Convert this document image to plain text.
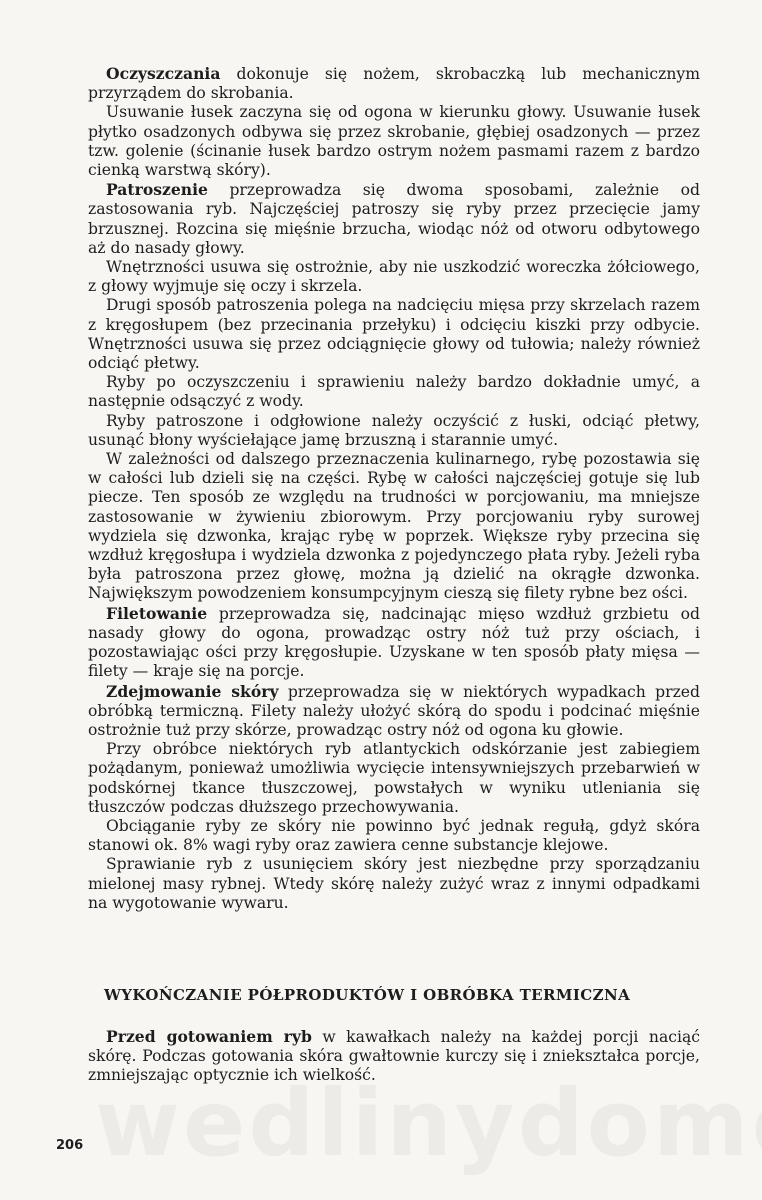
Oczyszczania dokonuje się nożem, skrobaczką lub mechanicznym przyrządem do skrobania.

Usuwanie łusek zaczyna się od ogona w kierunku głowy. Usuwanie łusek płytko osadzonych odbywa się przez skrobanie, głębiej osadzonych — przez tzw. golenie (ścinanie łusek bardzo ostrym nożem pasmami razem z bardzo cienką warstwą skóry).

Patroszenie przeprowadza się dwoma sposobami, zależnie od zastosowania ryb. Najczęściej patroszy się ryby przez przecięcie jamy brzusznej. Rozcina się mięśnie brzucha, wiodąc nóż od otworu odbytowego aż do nasady głowy.

Wnętrzności usuwa się ostrożnie, aby nie uszkodzić woreczka żółciowego, z głowy wyjmuje się oczy i skrzela.

Drugi sposób patroszenia polega na nadcięciu mięsa przy skrzelach razem z kręgosłupem (bez przecinania przełyku) i odcięciu kiszki przy odbycie. Wnętrzności usuwa się przez odciągnięcie głowy od tułowia; należy również odciąć płetwy.

Ryby po oczyszczeniu i sprawieniu należy bardzo dokładnie umyć, a następnie odsączyć z wody.

Ryby patroszone i odgłowione należy oczyścić z łuski, odciąć płetwy, usunąć błony wyściełające jamę brzuszną i starannie umyć.

W zależności od dalszego przeznaczenia kulinarnego, rybę pozostawia się w całości lub dzieli się na części. Rybę w całości najczęściej gotuje się lub piecze. Ten sposób ze względu na trudności w porcjowaniu, ma mniejsze zastosowanie w żywieniu zbiorowym. Przy porcjowaniu ryby surowej wydziela się dzwonka, krając rybę w poprzek. Większe ryby przecina się wzdłuż kręgosłupa i wydziela dzwonka z pojedynczego płata ryby. Jeżeli ryba była patroszona przez głowę, można ją dzielić na okrągłe dzwonka. Największym powodzeniem konsumpcyjnym cieszą się filety rybne bez ości.

Filetowanie przeprowadza się, nadcinając mięso wzdłuż grzbietu od nasady głowy do ogona, prowadząc ostry nóż tuż przy ościach, i pozostawiając ości przy kręgosłupie. Uzyskane w ten sposób płaty mięsa — filety — kraje się na porcje.

Zdejmowanie skóry przeprowadza się w niektórych wypadkach przed obróbką termiczną. Filety należy ułożyć skórą do spodu i podcinać mięśnie ostrożnie tuż przy skórze, prowadząc ostry nóż od ogona ku głowie.

Przy obróbce niektórych ryb atlantyckich odskórzanie jest zabiegiem pożądanym, ponieważ umożliwia wycięcie intensywniejszych przebarwień w podskórnej tkance tłuszczowej, powstałych w wyniku utleniania się tłuszczów podczas dłuższego przechowywania.

Obciąganie ryby ze skóry nie powinno być jednak regułą, gdyż skóra stanowi ok. 8% wagi ryby oraz zawiera cenne substancje klejowe.

Sprawianie ryb z usunięciem skóry jest niezbędne przy sporządzaniu mielonej masy rybnej. Wtedy skórę należy zużyć wraz z innymi odpadkami na wygotowanie wywaru.

WYKOŃCZANIE PÓŁPRODUKTÓW I OBRÓBKA TERMICZNA

Przed gotowaniem ryb w kawałkach należy na każdej porcji naciąć skórę. Podczas gotowania skóra gwałtownie kurczy się i zniekształca porcje, zmniejszając optycznie ich wielkość.

206
